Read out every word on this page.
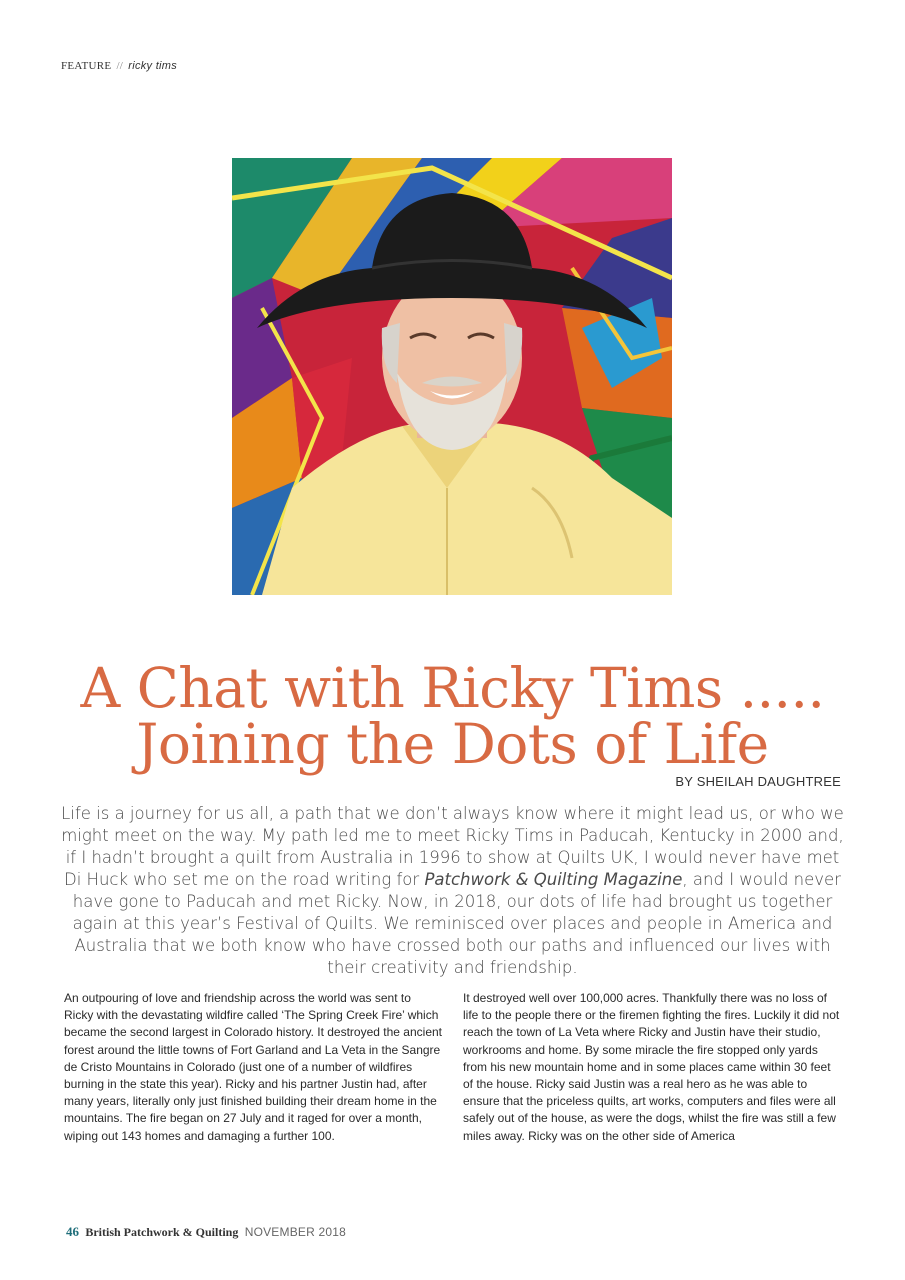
FEATURE // ricky tims
A Chat with Ricky Tims .....
Joining the Dots of Life
BY SHEILAH DAUGHTREE
Life is a journey for us all, a path that we don’t always know where it might lead us, or who we might meet on the way. My path led me to meet Ricky Tims in Paducah, Kentucky in 2000 and, if I hadn’t brought a quilt from Australia in 1996 to show at Quilts UK, I would never have met Di Huck who set me on the road writing for Patchwork & Quilting Magazine, and I would never have gone to Paducah and met Ricky. Now, in 2018, our dots of life had brought us together again at this year’s Festival of Quilts. We reminisced over places and people in America and Australia that we both know who have crossed both our paths and influenced our lives with their creativity and friendship.
An outpouring of love and friendship across the world was sent to Ricky with the devastating wildfire called ‘The Spring Creek Fire’ which became the second largest in Colorado history. It destroyed the ancient forest around the little towns of Fort Garland and La Veta in the Sangre de Cristo Mountains in Colorado (just one of a number of wildfires burning in the state this year). Ricky and his partner Justin had, after many years, literally only just finished building their dream home in the mountains. The fire began on 27 July and it raged for over a month, wiping out 143 homes and damaging a further 100.
It destroyed well over 100,000 acres. Thankfully there was no loss of life to the people there or the firemen fighting the fires. Luckily it did not reach the town of La Veta where Ricky and Justin have their studio, workrooms and home. By some miracle the fire stopped only yards from his new mountain home and in some places came within 30 feet of the house. Ricky said Justin was a real hero as he was able to ensure that the priceless quilts, art works, computers and files were all safely out of the house, as were the dogs, whilst the fire was still a few miles away. Ricky was on the other side of America
46 British Patchwork & Quilting NOVEMBER 2018
